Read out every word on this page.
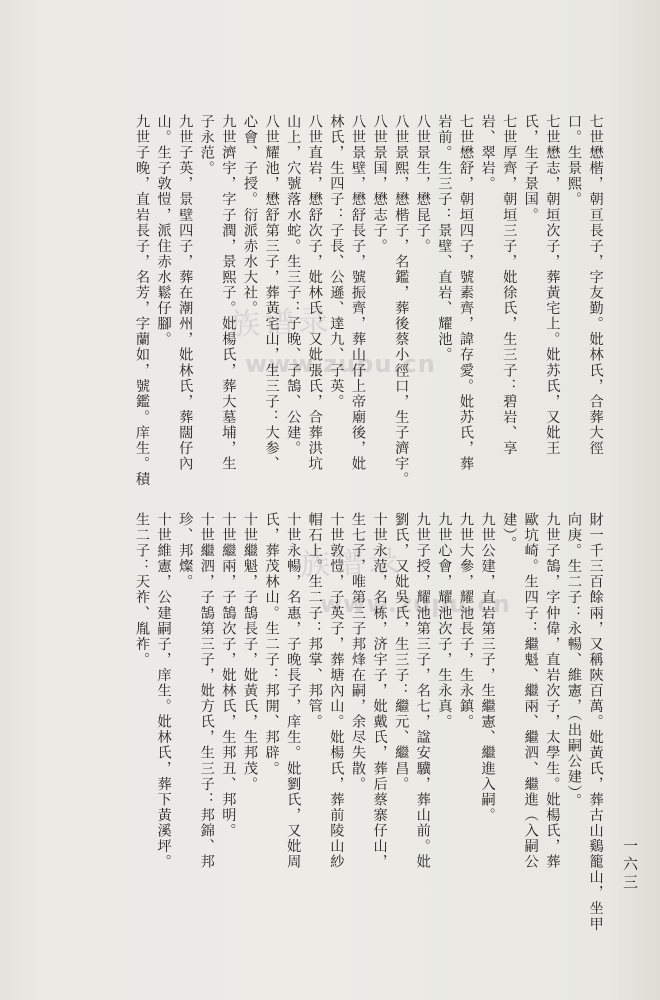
族谱录
www.zupu.cn
族谱录
www.zupu.cn
一六三
七世懋楷，朝亘長子，字友勤。妣林氏，合葬大徑
口。生景熙。
七世懋志，朝垣次子，葬黃宅上。妣苏氏，又妣王
氏，生子景国。
七世厚齊，朝垣三子，妣徐氏，生三子：碧岩、享
岩、翠岩。
七世懋舒，朝垣四子，號素齊，諱存愛。妣苏氏，葬
岩前。生三子：景壁、直岩、耀池。
八世景生，懋昆子。
八世景熙，懋楷子，名鑑，葬後蔡小徑口，生子濟宇。
八世景国，懋志子。
八世景壁，懋舒長子，號振齊，葬山仔上帝廟後，妣
林氏，生四子：子長、公遜、達九、子英。
八世直岩，懋舒次子，妣林氏，又妣張氏，合葬洪坑
山上，穴號落水蛇。生三子：子晚、子鵠、公建。
八世耀池，懋舒第三子，葬黃宅山，生三子：大参、
心會、子授。衍派赤水大社。
九世濟宇，字子潤，景熙子。妣楊氏，葬大墓埔，生
子永范。
九世子英，景壁四子，葬在潮州，妣林氏，葬闊仔內
山。生子敦愷，派住赤水鬆仔腳。
九世子晚，直岩長子，名芳，字蘭如，號鑑。庠生。積
財一千三百餘兩，又稱陝百萬。妣黃氏，葬古山鷄籠山，坐甲
向庚。生二子：永暢、維憲，（出嗣公建）。
九世子鵠，字仲偉，直岩次子，太學生。妣楊氏，葬
歐坑崎。生四子：繼魁、繼兩、繼泗、繼進（入嗣公
建）。
九世公建，直岩第三子，生繼憲、繼進入嗣。
九世大參，耀池長子，生永鎮。
九世心會，耀池次子，生永真。
九世子授，耀池第三子，名七，諡安驥，葬山前。妣
劉氏，又妣吳氏，生三子：繼元、繼昌。
十世永范，名栋，济宇子，妣戴氏，葬后蔡寨仔山，
生七子，唯第三子邦烽在嗣，余尽失散。
十世敦愷，子英子，葬塘內山。妣楊氏，葬前陵山紗
帽石上。生二子：邦掌、邦管。
十世永暢，名惠，子晚長子，庠生。妣劉氏，又妣周
氏，葬茂林山。生二子：邦開、邦辟。
十世繼魁，子鵠長子，妣黃氏，生邦茂。
十世繼兩，子鵠次子，妣林氏，生邦丑、邦明。
十世繼泗，子鵠第三子，妣方氏，生三子：邦錦、邦
珍、邦燦。
十世維憲，公建嗣子，庠生。妣林氏，葬下黃溪坪。
生二子：天祚、胤祚。
